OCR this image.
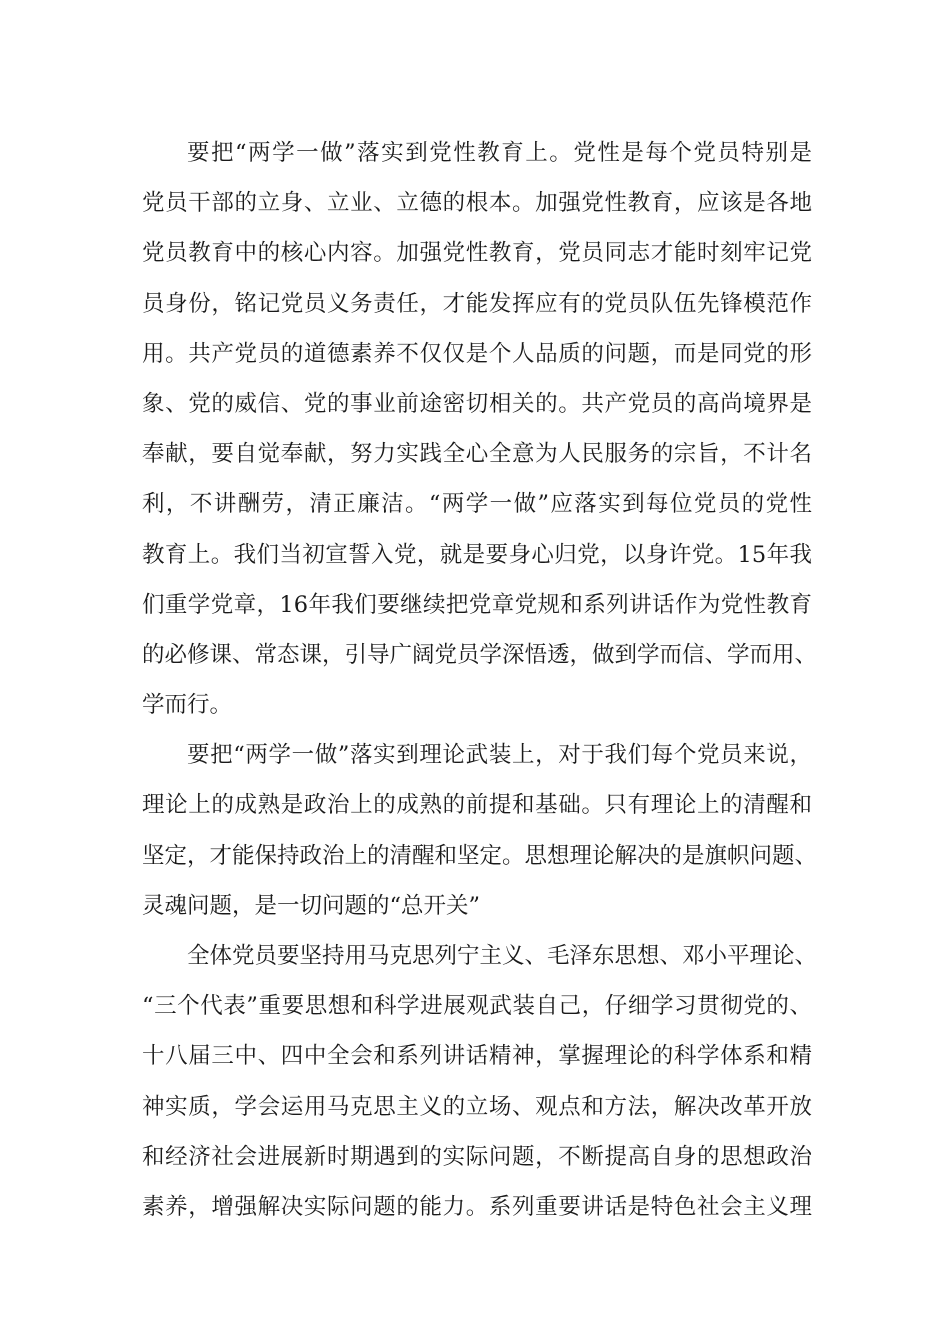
要把“两学一做”落实到党性教育上。党性是每个党员特别是
党员干部的立身、立业、立德的根本。加强党性教育，应该是各地
党员教育中的核心内容。加强党性教育，党员同志才能时刻牢记党
员身份，铭记党员义务责任，才能发挥应有的党员队伍先锋模范作
用。共产党员的道德素养不仅仅是个人品质的问题，而是同党的形
象、党的威信、党的事业前途密切相关的。共产党员的高尚境界是
奉献，要自觉奉献，努力实践全心全意为人民服务的宗旨，不计名
利，不讲酬劳，清正廉洁。“两学一做”应落实到每位党员的党性
教育上。我们当初宣誓入党，就是要身心归党，以身许党。15年我
们重学党章，16年我们要继续把党章党规和系列讲话作为党性教育
的必修课、常态课，引导广阔党员学深悟透，做到学而信、学而用、
学而行。
要把“两学一做”落实到理论武装上，对于我们每个党员来说，
理论上的成熟是政治上的成熟的前提和基础。只有理论上的清醒和
坚定，才能保持政治上的清醒和坚定。思想理论解决的是旗帜问题、
灵魂问题，是一切问题的“总开关”
全体党员要坚持用马克思列宁主义、毛泽东思想、邓小平理论、
“三个代表”重要思想和科学进展观武装自己，仔细学习贯彻党的、
十八届三中、四中全会和系列讲话精神，掌握理论的科学体系和精
神实质，学会运用马克思主义的立场、观点和方法，解决改革开放
和经济社会进展新时期遇到的实际问题，不断提高自身的思想政治
素养，增强解决实际问题的能力。系列重要讲话是特色社会主义理
